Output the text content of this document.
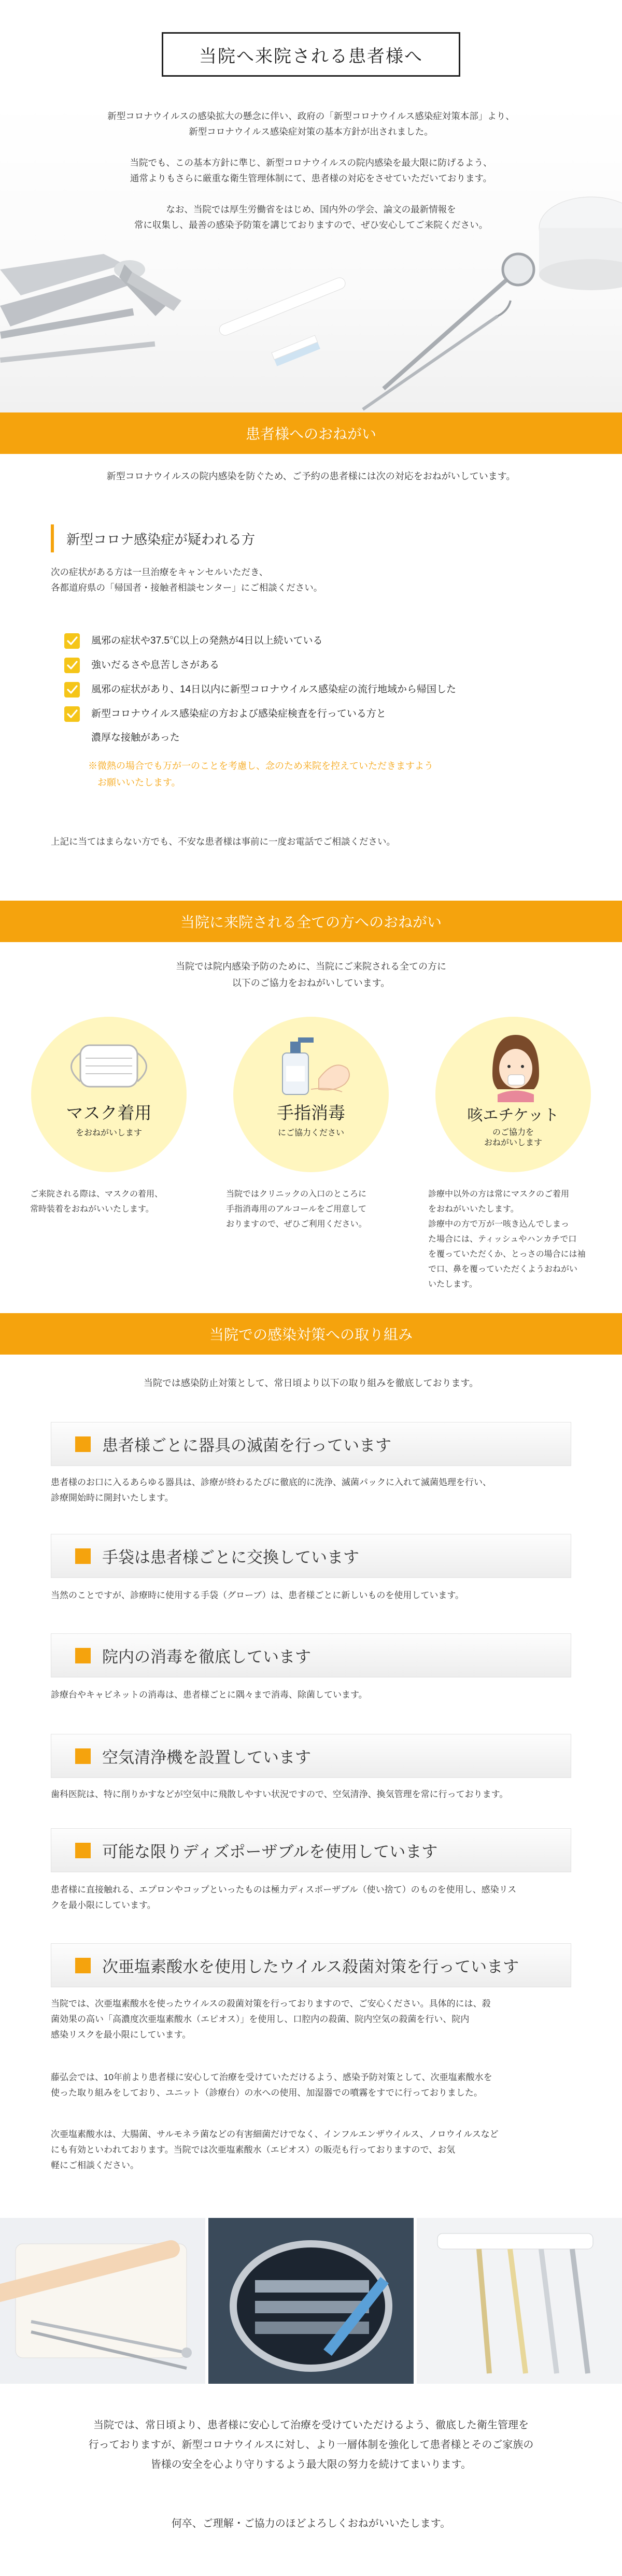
当院へ来院される患者様へ

新型コロナウイルスの感染拡大の懸念に伴い、政府の「新型コロナウイルス感染症対策本部」より、
新型コロナウイルス感染症対策の基本方針が出されました。

当院でも、この基本方針に準じ、新型コロナウイルスの院内感染を最大限に防げるよう、
通常よりもさらに厳重な衛生管理体制にて、患者様の対応をさせていただいております。

なお、当院では厚生労働省をはじめ、国内外の学会、論文の最新情報を
常に収集し、最善の感染予防策を講じておりますので、ぜひ安心してご来院ください。

患者様へのおねがい
新型コロナウイルスの院内感染を防ぐため、ご予約の患者様には次の対応をおねがいしています。
新型コロナ感染症が疑われる方
次の症状がある方は一旦治療をキャンセルいただき、
各都道府県の「帰国者・接触者相談センター」にご相談ください。
風邪の症状や37.5℃以上の発熱が4日以上続いている
強いだるさや息苦しさがある
風邪の症状があり、14日以内に新型コロナウイルス感染症の流行地域から帰国した
新型コロナウイルス感染症の方および感染症検査を行っている方と
濃厚な接触があった
※微熱の場合でも万が一のことを考慮し、念のため来院を控えていただきますよう
　お願いいたします。
上記に当てはまらない方でも、不安な患者様は事前に一度お電話でご相談ください。
当院に来院される全ての方へのおねがい
当院では院内感染予防のために、当院にご来院される全ての方に
以下のご協力をおねがいしています。
マスク着用
をおねがいします
手指消毒
にご協力ください
咳エチケット
のご協力を
おねがいします
ご来院される際は、マスクの着用、
常時装着をおねがいいたします。
当院ではクリニックの入口のところに
手指消毒用のアルコールをご用意して
おりますので、ぜひご利用ください。
診療中以外の方は常にマスクのご着用
をおねがいいたします。
診療中の方で万が一咳き込んでしまっ
た場合には、ティッシュやハンカチで口
を覆っていただくか、とっさの場合には袖
で口、鼻を覆っていただくようおねがい
いたします。
当院での感染対策への取り組み
当院では感染防止対策として、常日頃より以下の取り組みを徹底しております。
患者様ごとに器具の滅菌を行っています
患者様のお口に入るあらゆる器具は、診療が終わるたびに徹底的に洗浄、滅菌パックに入れて滅菌処理を行い、
診療開始時に開封いたします。
手袋は患者様ごとに交換しています
当然のことですが、診療時に使用する手袋（グローブ）は、患者様ごとに新しいものを使用しています。
院内の消毒を徹底しています
診療台やキャビネットの消毒は、患者様ごとに隅々まで消毒、除菌しています。
空気清浄機を設置しています
歯科医院は、特に削りかすなどが空気中に飛散しやすい状況ですので、空気清浄、換気管理を常に行っております。
可能な限りディズポーザブルを使用しています
患者様に直接触れる、エプロンやコップといったものは極力ディスポーザブル（使い捨て）のものを使用し、感染リス
クを最小限にしています。
次亜塩素酸水を使用したウイルス殺菌対策を行っています
当院では、次亜塩素酸水を使ったウイルスの殺菌対策を行っておりますので、ご安心ください。具体的には、殺
菌効果の高い「高濃度次亜塩素酸水（エピオス）」を使用し、口腔内の殺菌、院内空気の殺菌を行い、院内
感染リスクを最小限にしています。
藤弘会では、10年前より患者様に安心して治療を受けていただけるよう、感染予防対策として、次亜塩素酸水を
使った取り組みをしており、ユニット（診療台）の水への使用、加湿器での噴霧をすでに行っておりました。
次亜塩素酸水は、大腸菌、サルモネラ菌などの有害細菌だけでなく、インフルエンザウイルス、ノロウイルスなど
にも有効といわれております。当院では次亜塩素酸水（エピオス）の販売も行っておりますので、お気
軽にご相談ください。
当院では、常日頃より、患者様に安心して治療を受けていただけるよう、徹底した衛生管理を
行っておりますが、新型コロナウイルスに対し、より一層体制を強化して患者様とそのご家族の
皆様の安全を心より守りするよう最大限の努力を続けてまいります。
何卒、ご理解・ご協力のほどよろしくおねがいいたします。
